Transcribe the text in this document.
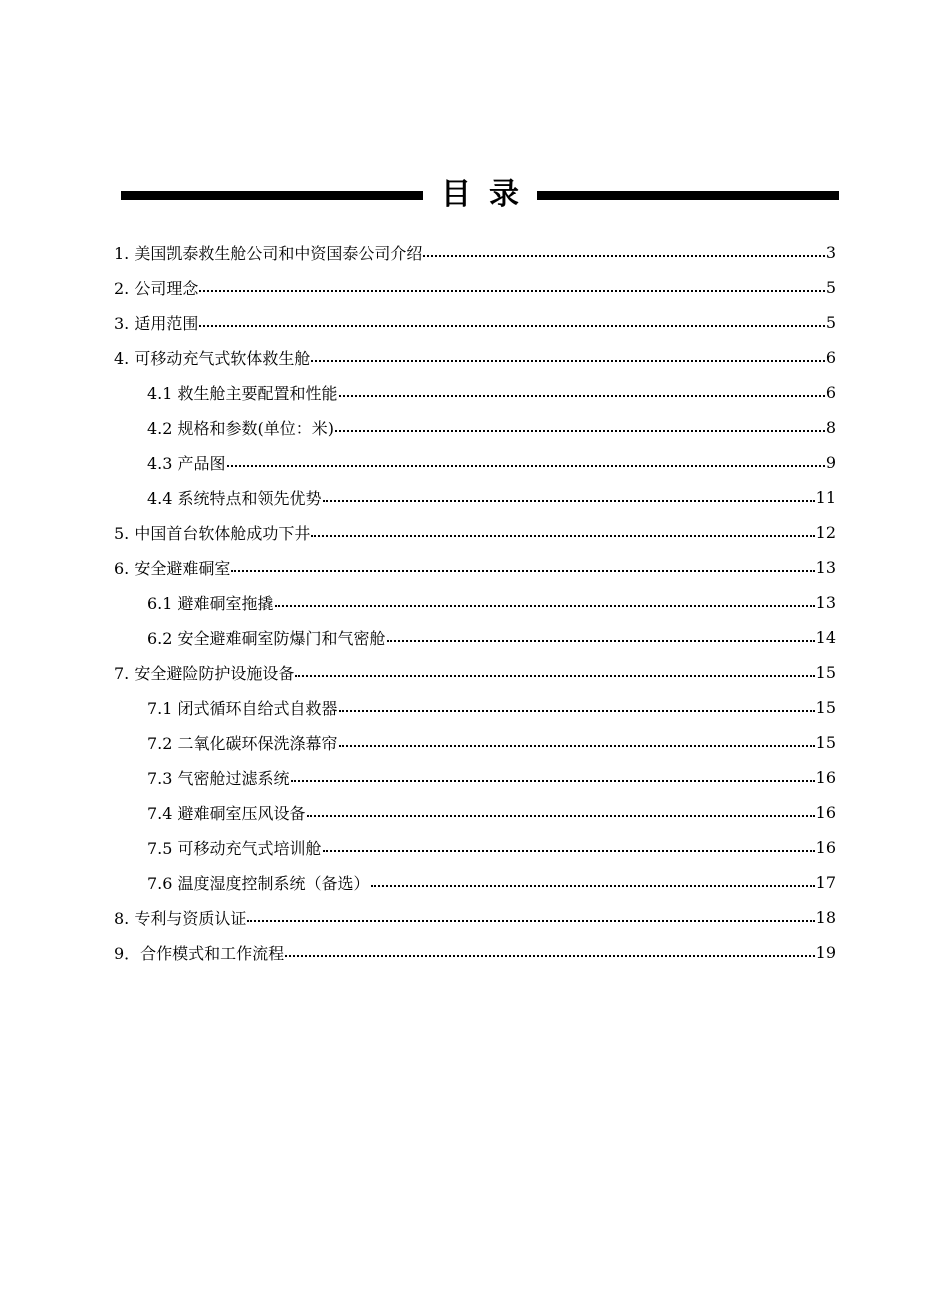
目录
1. 美国凯泰救生舱公司和中资国泰公司介绍	3
2. 公司理念	5
3. 适用范围	5
4. 可移动充气式软体救生舱	6
4.1 救生舱主要配置和性能	6
4.2 规格和参数(单位：米)	8
4.3 产品图	9
4.4 系统特点和领先优势	11
5. 中国首台软体舱成功下井	12
6. 安全避难硐室	13
6.1 避难硐室拖撬	13
6.2 安全避难硐室防爆门和气密舱	14
7. 安全避险防护设施设备	15
7.1 闭式循环自给式自救器	15
7.2 二氧化碳环保洗涤幕帘	15
7.3 气密舱过滤系统	16
7.4 避难硐室压风设备	16
7.5 可移动充气式培训舱	16
7.6 温度湿度控制系统（备选）	17
8. 专利与资质认证	18
9．合作模式和工作流程	19
